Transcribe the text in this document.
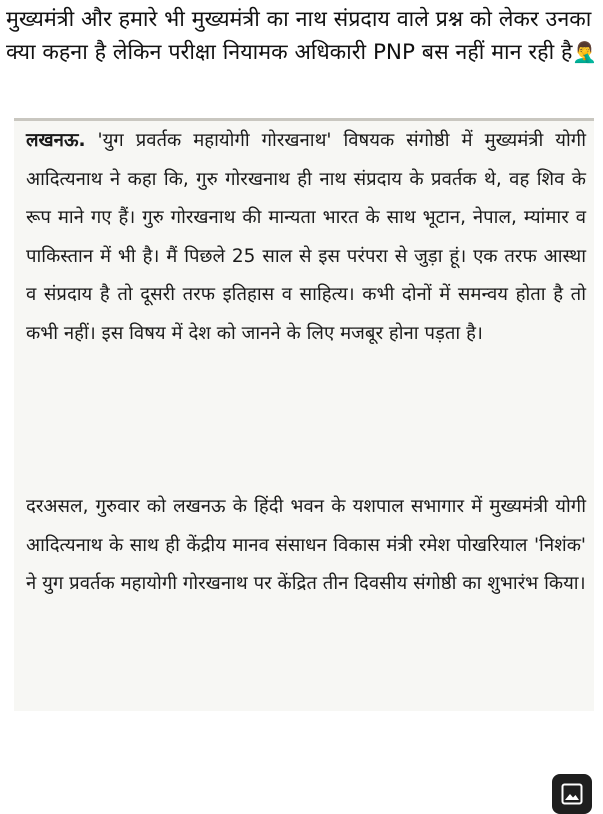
मुख्यमंत्री और हमारे भी मुख्यमंत्री का नाथ संप्रदाय वाले प्रश्न को लेकर उनका क्या कहना है लेकिन परीक्षा नियामक अधिकारी PNP बस नहीं मान रही है🤦‍♂️
लखनऊ. 'युग प्रवर्तक महायोगी गोरखनाथ' विषयक संगोष्ठी में मुख्यमंत्री योगी आदित्यनाथ ने कहा कि, गुरु गोरखनाथ ही नाथ संप्रदाय के प्रवर्तक थे, वह शिव के रूप माने गए हैं। गुरु गोरखनाथ की मान्यता भारत के साथ भूटान, नेपाल, म्यांमार व पाकिस्तान में भी है। मैं पिछले 25 साल से इस परंपरा से जुड़ा हूं। एक तरफ आस्था व संप्रदाय है तो दूसरी तरफ इतिहास व साहित्य। कभी दोनों में समन्वय होता है तो कभी नहीं। इस विषय में देश को जानने के लिए मजबूर होना पड़ता है।
दरअसल, गुरुवार को लखनऊ के हिंदी भवन के यशपाल सभागार में मुख्यमंत्री योगी आदित्यनाथ के साथ ही केंद्रीय मानव संसाधन विकास मंत्री रमेश पोखरियाल 'निशंक' ने युग प्रवर्तक महायोगी गोरखनाथ पर केंद्रित तीन दिवसीय संगोष्ठी का शुभारंभ किया।
